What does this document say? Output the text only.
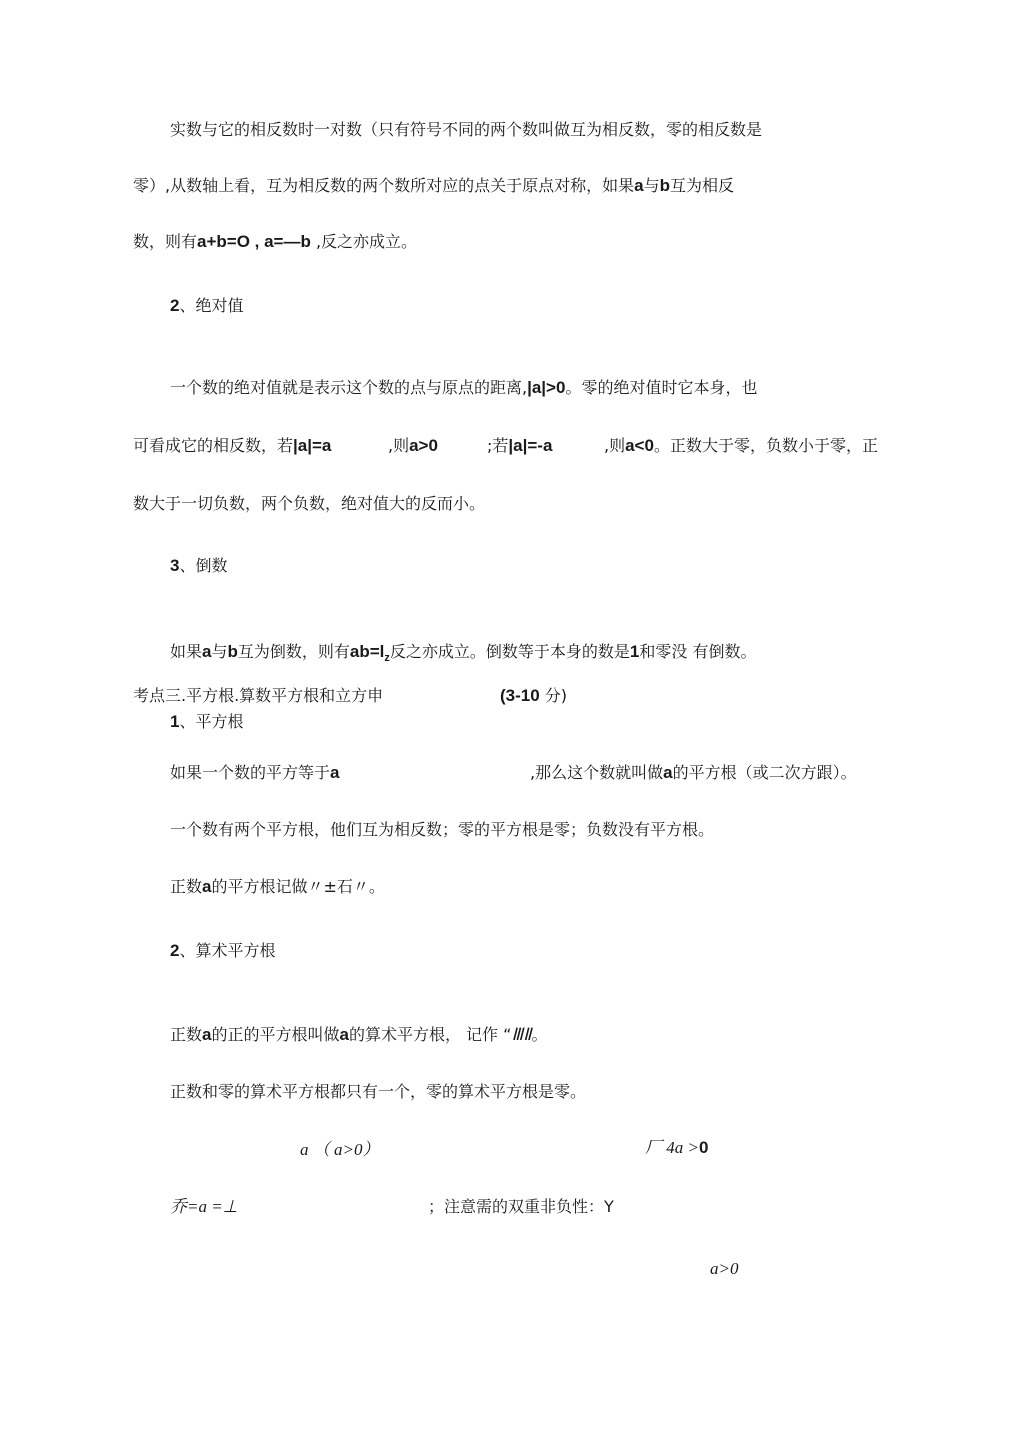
实数与它的相反数时一对数（只有符号不同的两个数叫做互为相反数，零的相反数是
零）,从数轴上看，互为相反数的两个数所对应的点关于原点对称，如果a与b互为相反
数，则有a+b=O , a=—b ,反之亦成立。
2、绝对值
一个数的绝对值就是表示这个数的点与原点的距离,|a|>0。零的绝对值时它本身，也
可看成它的相反数，若|a|=a	,则a>0	;若|a|=-a	,则a<0。正数大于零，负数小于零，正
数大于一切负数，两个负数，绝对值大的反而小。
3、倒数
如果a与b互为倒数，则有$ab=l_z$反之亦成立。倒数等于本身的数是1和零没 有倒数。
考点三.平方根.算数平方根和立方申	(3-10 分)
1、平方根
如果一个数的平方等于a	,那么这个数就叫做a的平方根（或二次方跟）。
一个数有两个平方根，他们互为相反数；零的平方根是零；负数没有平方根。
正数a的平方根记做〃±石〃。
2、算术平方根
正数a的正的平方根叫做a的算术平方根， 记作 “ⅢⅡ。
正数和零的算术平方根都只有一个，零的算术平方根是零。
a （ a>0）	厂 4a >0
乔=a =⊥	；注意需的双重非负性：Y
a>0
